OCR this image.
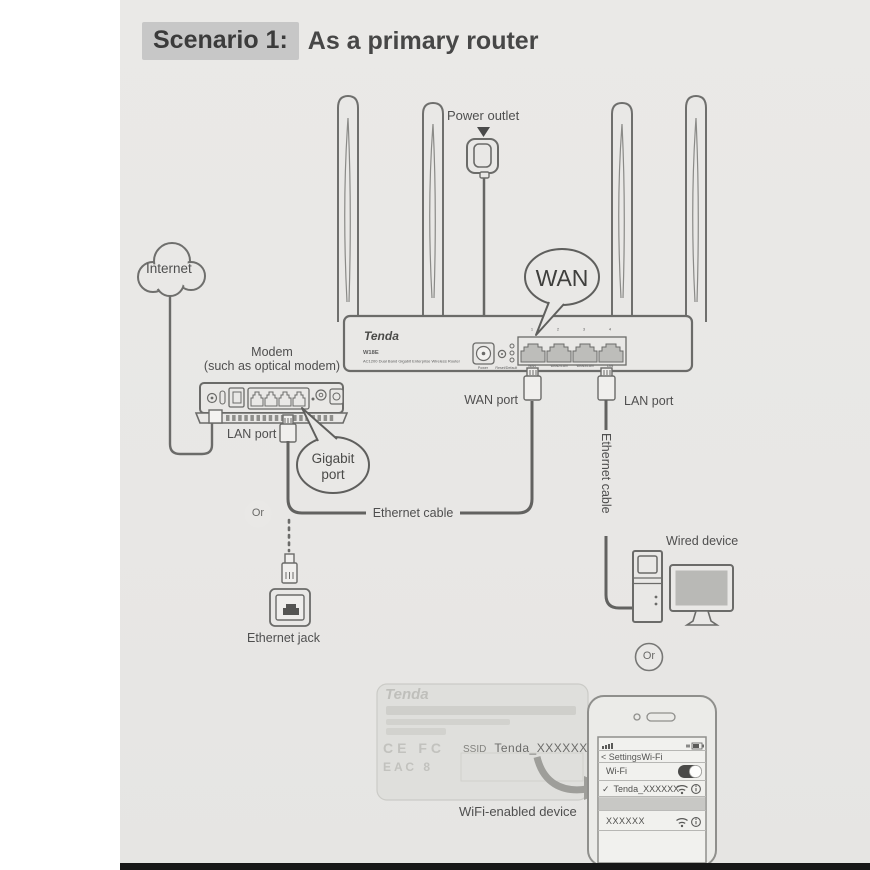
Scenario 1: As a primary router
Power outlet
Internet
Modem
(such as optical modem)
LAN port
Gigabit
port
WAN
WAN port	LAN port
Or
Or
Ethernet cable	Ethernet cable
Ethernet jack
Wired device
WiFi-enabled device
Tenda
W18E
AC1200 Dual Band Gigabit Enterprise Wireless Router
1	2	3	4
WAN	WAN2/LAN WAN3/LAN	LAN
Power Reset/Default
Tenda
CE FC
ЕАС 8
SSID Tenda_XXXXXX
< Settings Wi-Fi
Wi-Fi
✓ Tenda_XXXXXX
XXXXXX
